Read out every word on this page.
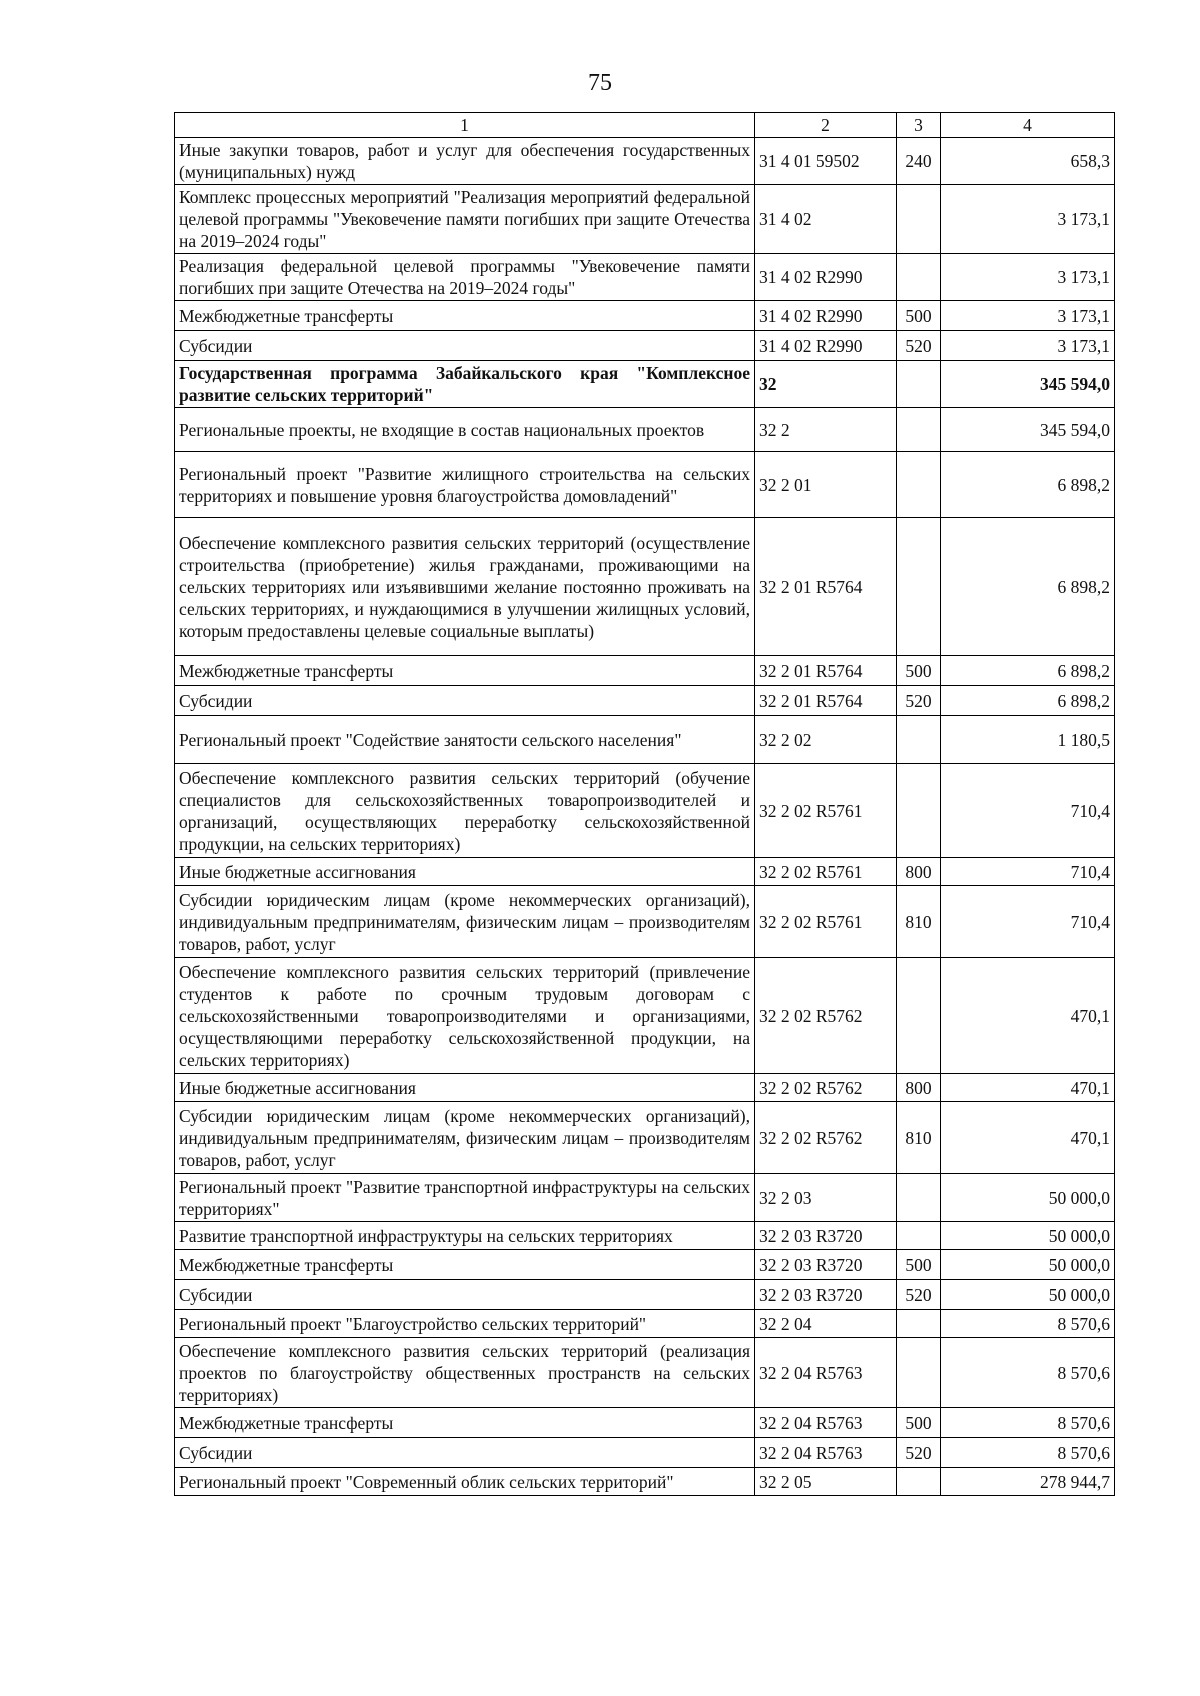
75
1	2	3	4
Иные закупки товаров, работ и услуг для обеспечения государственных (муниципальных) нужд	31 4 01 59502	240	658,3
Комплекс процессных мероприятий "Реализация мероприятий федеральной целевой программы "Увековечение памяти погибших при защите Отечества на 2019–2024 годы"	31 4 02		3 173,1
Реализация федеральной целевой программы "Увековечение памяти погибших при защите Отечества на 2019–2024 годы"	31 4 02 R2990		3 173,1
Межбюджетные трансферты	31 4 02 R2990	500	3 173,1
Субсидии	31 4 02 R2990	520	3 173,1
Государственная программа Забайкальского края "Комплексное развитие сельских территорий"	32		345 594,0
Региональные проекты, не входящие в состав национальных проектов	32 2		345 594,0
Региональный проект "Развитие жилищного строительства на сельских территориях и повышение уровня благоустройства домовладений"	32 2 01		6 898,2
Обеспечение комплексного развития сельских территорий (осуществление строительства (приобретение) жилья гражданами, проживающими на сельских территориях или изъявившими желание постоянно проживать на сельских территориях, и нуждающимися в улучшении жилищных условий, которым предоставлены целевые социальные выплаты)	32 2 01 R5764		6 898,2
Межбюджетные трансферты	32 2 01 R5764	500	6 898,2
Субсидии	32 2 01 R5764	520	6 898,2
Региональный проект "Содействие занятости сельского населения"	32 2 02		1 180,5
Обеспечение комплексного развития сельских территорий (обучение специалистов для сельскохозяйственных товаропроизводителей и организаций, осуществляющих переработку сельскохозяйственной продукции, на сельских территориях)	32 2 02 R5761		710,4
Иные бюджетные ассигнования	32 2 02 R5761	800	710,4
Субсидии юридическим лицам (кроме некоммерческих организаций), индивидуальным предпринимателям, физическим лицам – производителям товаров, работ, услуг	32 2 02 R5761	810	710,4
Обеспечение комплексного развития сельских территорий (привлечение студентов к работе по срочным трудовым договорам с сельскохозяйственными товаропроизводителями и организациями, осуществляющими переработку сельскохозяйственной продукции, на сельских территориях)	32 2 02 R5762		470,1
Иные бюджетные ассигнования	32 2 02 R5762	800	470,1
Субсидии юридическим лицам (кроме некоммерческих организаций), индивидуальным предпринимателям, физическим лицам – производителям товаров, работ, услуг	32 2 02 R5762	810	470,1
Региональный проект "Развитие транспортной инфраструктуры на сельских территориях"	32 2 03		50 000,0
Развитие транспортной инфраструктуры на сельских территориях	32 2 03 R3720		50 000,0
Межбюджетные трансферты	32 2 03 R3720	500	50 000,0
Субсидии	32 2 03 R3720	520	50 000,0
Региональный проект "Благоустройство сельских территорий"	32 2 04		8 570,6
Обеспечение комплексного развития сельских территорий (реализация проектов по благоустройству общественных пространств на сельских территориях)	32 2 04 R5763		8 570,6
Межбюджетные трансферты	32 2 04 R5763	500	8 570,6
Субсидии	32 2 04 R5763	520	8 570,6
Региональный проект "Современный облик сельских территорий"	32 2 05		278 944,7
